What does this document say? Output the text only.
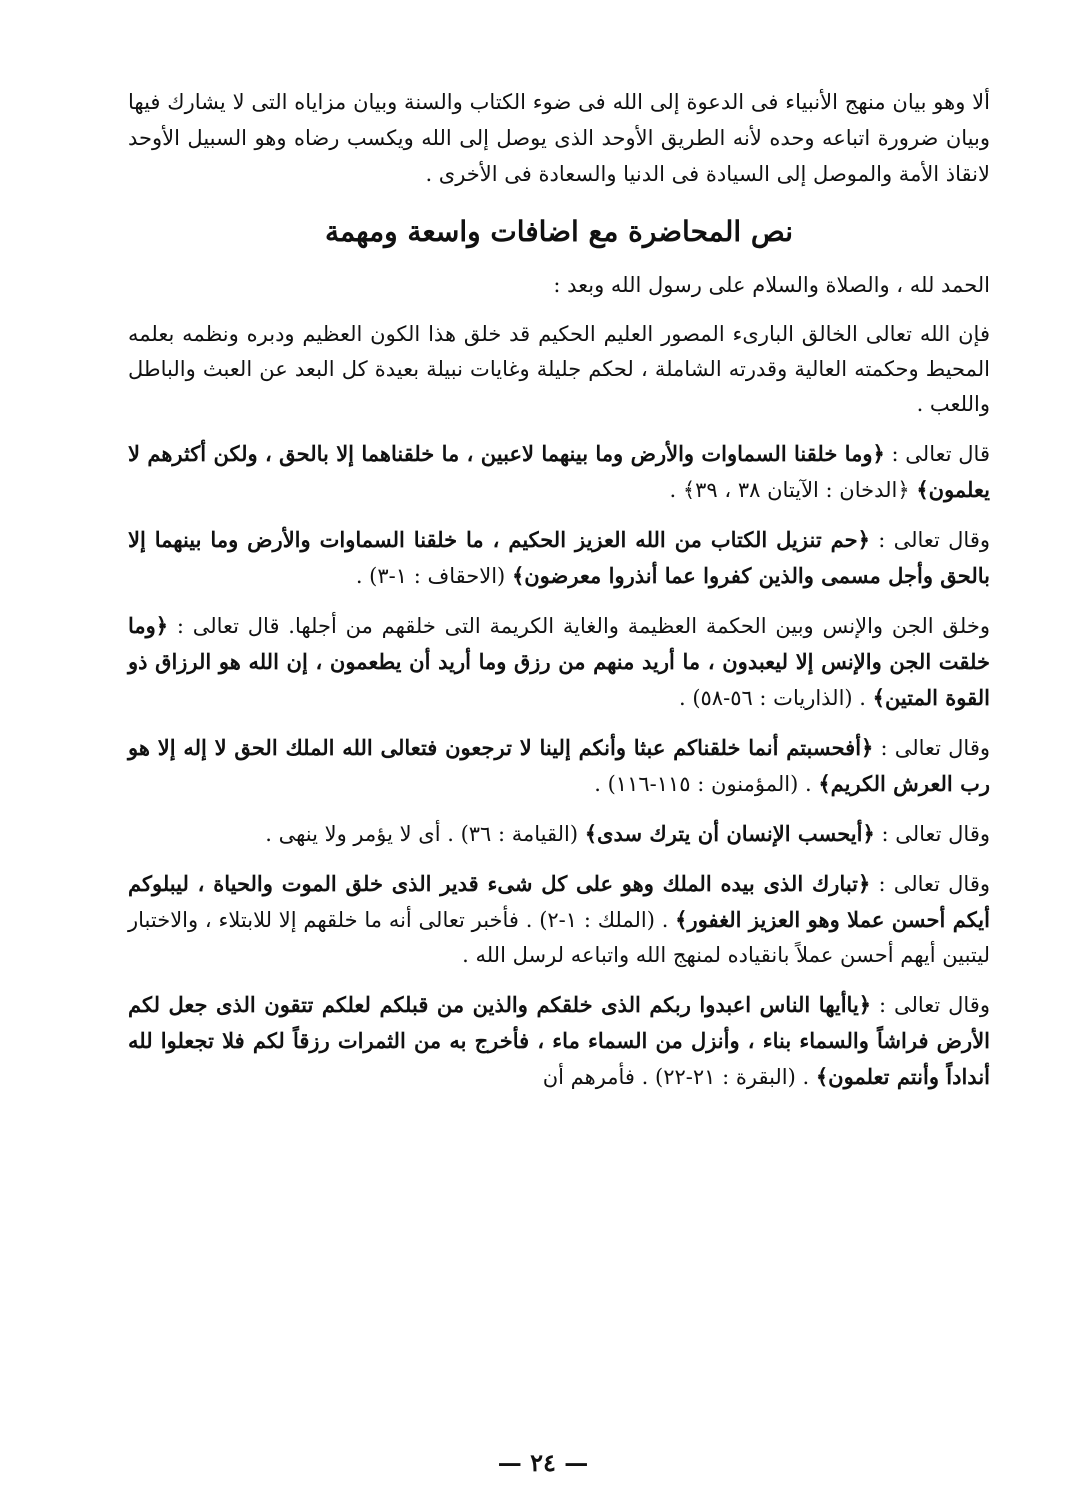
ألا وهو بيان منهج الأنبياء فى الدعوة إلى الله فى ضوء الكتاب والسنة وبيان مزاياه التى لا يشارك فيها وبيان ضرورة اتباعه وحده لأنه الطريق الأوحد الذى يوصل إلى الله ويكسب رضاه وهو السبيل الأوحد لانقاذ الأمة والموصل إلى السيادة فى الدنيا والسعادة فى الأخرى .

نص المحاضرة مع اضافات واسعة ومهمة

الحمد لله ، والصلاة والسلام على رسول الله وبعد :

فإن الله تعالى الخالق البارىء المصور العليم الحكيم قد خلق هذا الكون العظيم ودبره ونظمه بعلمه المحيط وحكمته العالية وقدرته الشاملة ، لحكم جليلة وغايات نبيلة بعيدة كل البعد عن العبث والباطل واللعب .

قال تعالى : ﴿وما خلقنا السماوات والأرض وما بينهما لاعبين ، ما خلقناهما إلا بالحق ، ولكن أكثرهم لا يعلمون﴾ ﴿الدخان : الآيتان ٣٨ ، ٣٩﴾ .

وقال تعالى : ﴿حم تنزيل الكتاب من الله العزيز الحكيم ، ما خلقنا السماوات والأرض وما بينهما إلا بالحق وأجل مسمى والذين كفروا عما أنذروا معرضون﴾ (الاحقاف : ١-٣) .

وخلق الجن والإنس وبين الحكمة العظيمة والغاية الكريمة التى خلقهم من أجلها. قال تعالى : ﴿وما خلقت الجن والإنس إلا ليعبدون ، ما أريد منهم من رزق وما أريد أن يطعمون ، إن الله هو الرزاق ذو القوة المتين﴾ . (الذاريات : ٥٦-٥٨) .

وقال تعالى : ﴿أفحسبتم أنما خلقناكم عبثا وأنكم إلينا لا ترجعون فتعالى الله الملك الحق لا إله إلا هو رب العرش الكريم﴾ . (المؤمنون : ١١٥-١١٦) .

وقال تعالى : ﴿أيحسب الإنسان أن يترك سدى﴾ (القيامة : ٣٦) . أى لا يؤمر ولا ينهى .

وقال تعالى : ﴿تبارك الذى بيده الملك وهو على كل شىء قدير الذى خلق الموت والحياة ، ليبلوكم أيكم أحسن عملا وهو العزيز الغفور﴾ . (الملك : ١-٢) . فأخبر تعالى أنه ما خلقهم إلا للابتلاء ، والاختبار ليتبين أيهم أحسن عملاً بانقياده لمنهج الله واتباعه لرسل الله .

وقال تعالى : ﴿ياأيها الناس اعبدوا ربكم الذى خلقكم والذين من قبلكم لعلكم تتقون الذى جعل لكم الأرض فراشاً والسماء بناء ، وأنزل من السماء ماء ، فأخرج به من الثمرات رزقاً لكم فلا تجعلوا لله أنداداً وأنتم تعلمون﴾ . (البقرة : ٢١-٢٢) . فأمرهم أن

— ٢٤ —
